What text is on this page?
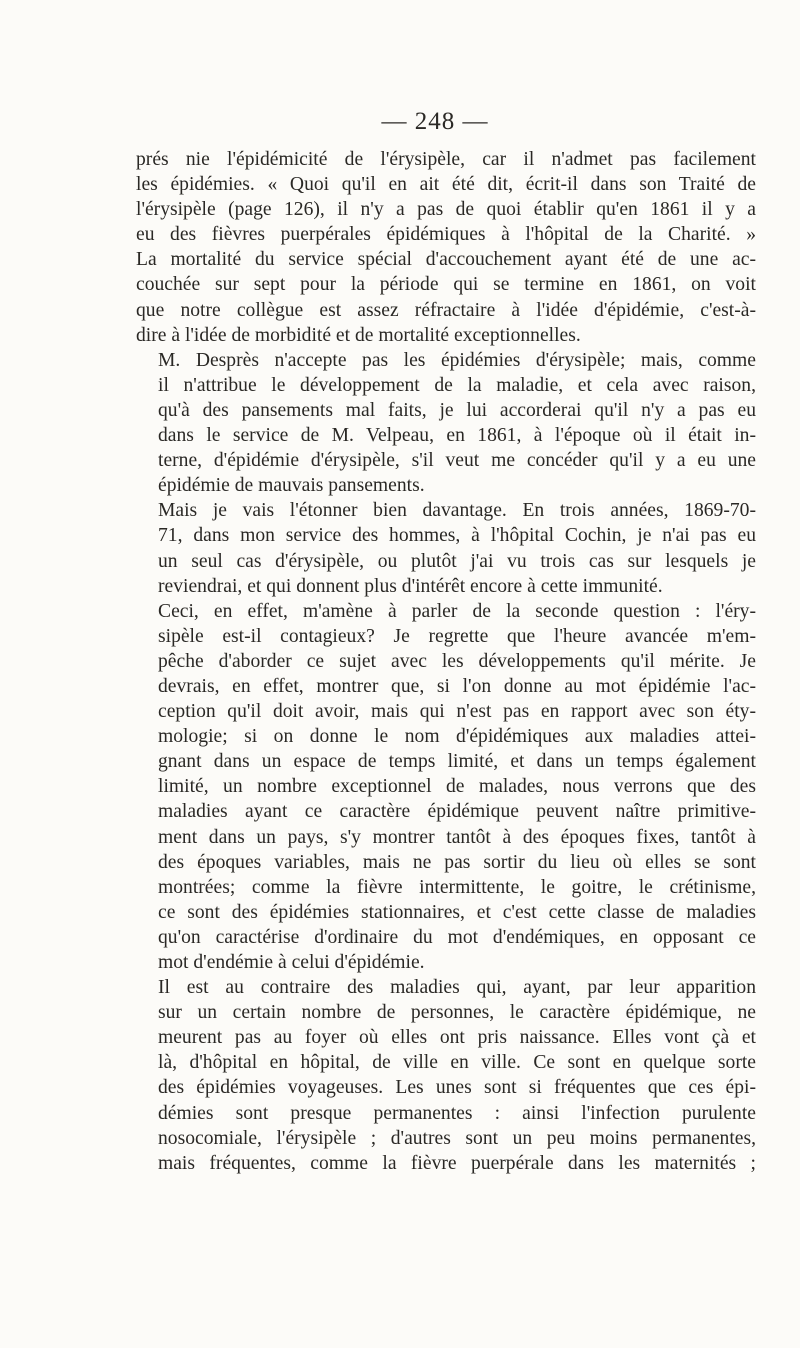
— 248 —

prés nie l'épidémicité de l'érysipèle, car il n'admet pas facilement
les épidémies. « Quoi qu'il en ait été dit, écrit-il dans son Traité de
l'érysipèle (page 126), il n'y a pas de quoi établir qu'en 1861 il y a
eu des fièvres puerpérales épidémiques à l'hôpital de la Charité. »
La mortalité du service spécial d'accouchement ayant été de une ac-
couchée sur sept pour la période qui se termine en 1861, on voit
que notre collègue est assez réfractaire à l'idée d'épidémie, c'est-à-
dire à l'idée de morbidité et de mortalité exceptionnelles.

M. Desprès n'accepte pas les épidémies d'érysipèle; mais, comme
il n'attribue le développement de la maladie, et cela avec raison,
qu'à des pansements mal faits, je lui accorderai qu'il n'y a pas eu
dans le service de M. Velpeau, en 1861, à l'époque où il était in-
terne, d'épidémie d'érysipèle, s'il veut me concéder qu'il y a eu une
épidémie de mauvais pansements.

Mais je vais l'étonner bien davantage. En trois années, 1869-70-
71, dans mon service des hommes, à l'hôpital Cochin, je n'ai pas eu
un seul cas d'érysipèle, ou plutôt j'ai vu trois cas sur lesquels je
reviendrai, et qui donnent plus d'intérêt encore à cette immunité.

Ceci, en effet, m'amène à parler de la seconde question : l'éry-
sipèle est-il contagieux? Je regrette que l'heure avancée m'em-
pêche d'aborder ce sujet avec les développements qu'il mérite. Je
devrais, en effet, montrer que, si l'on donne au mot épidémie l'ac-
ception qu'il doit avoir, mais qui n'est pas en rapport avec son éty-
mologie; si on donne le nom d'épidémiques aux maladies attei-
gnant dans un espace de temps limité, et dans un temps également
limité, un nombre exceptionnel de malades, nous verrons que des
maladies ayant ce caractère épidémique peuvent naître primitive-
ment dans un pays, s'y montrer tantôt à des époques fixes, tantôt à
des époques variables, mais ne pas sortir du lieu où elles se sont
montrées; comme la fièvre intermittente, le goitre, le crétinisme,
ce sont des épidémies stationnaires, et c'est cette classe de maladies
qu'on caractérise d'ordinaire du mot d'endémiques, en opposant ce
mot d'endémie à celui d'épidémie.

Il est au contraire des maladies qui, ayant, par leur apparition
sur un certain nombre de personnes, le caractère épidémique, ne
meurent pas au foyer où elles ont pris naissance. Elles vont çà et
là, d'hôpital en hôpital, de ville en ville. Ce sont en quelque sorte
des épidémies voyageuses. Les unes sont si fréquentes que ces épi-
démies sont presque permanentes : ainsi l'infection purulente
nosocomiale, l'érysipèle ; d'autres sont un peu moins permanentes,
mais fréquentes, comme la fièvre puerpérale dans les maternités ;
